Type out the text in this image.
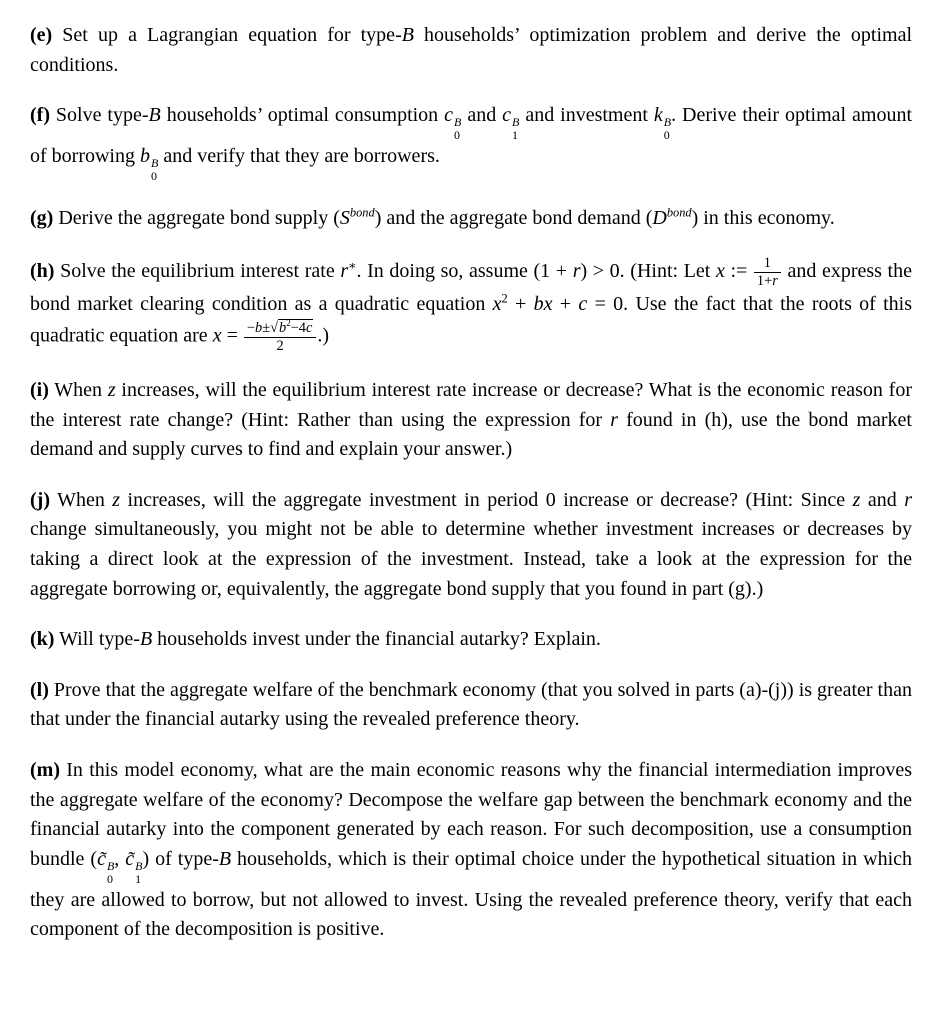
(e) Set up a Lagrangian equation for type-B households’ optimization problem and derive the optimal conditions.

(f) Solve type-B households’ optimal consumption c B
0
and c B
1
and investment k B
0
. Derive their optimal amount of borrowing b B
0
and verify that they are borrowers.

(g) Derive the aggregate bond supply $(S^{bond})$ and the aggregate bond demand $(D^{bond})$ in this economy.

(h) Solve the equilibrium interest rate r∗. In doing so, assume (1 + r) > 0. (Hint: Let x := $\frac{1}{1+r}$ and express the bond market clearing condition as a quadratic equation $x^2$ + bx + c = 0. Use the fact that the roots of this quadratic equation are $x = \frac{-b\pm√b^2-4c}{2}$ .)

(i) When z increases, will the equilibrium interest rate increase or decrease? What is the economic reason for the interest rate change? (Hint: Rather than using the expression for r found in (h), use the bond market demand and supply curves to find and explain your answer.)

(j) When z increases, will the aggregate investment in period 0 increase or decrease? (Hint: Since z and r change simultaneously, you might not be able to determine whether investment increases or decreases by taking a direct look at the expression of the investment. Instead, take a look at the expression for the aggregate borrowing or, equivalently, the aggregate bond supply that you found in part (g).)

(k) Will type-B households invest under the financial autarky? Explain.

(l) Prove that the aggregate welfare of the benchmark economy (that you solved in parts (a)-(j)) is greater than that under the financial autarky using the revealed preference theory.

(m) In this model economy, what are the main economic reasons why the financial intermediation improves the aggregate welfare of the economy? Decompose the welfare gap between the benchmark economy and the financial autarky into the component generated by each reason. For such decomposition, use a consumption bundle (c̃ B
0
, c̃ B
1
) of type-B households, which is their optimal choice under the hypothetical situation in which they are allowed to borrow, but not allowed to invest. Using the revealed preference theory, verify that each component of the decomposition is positive.
